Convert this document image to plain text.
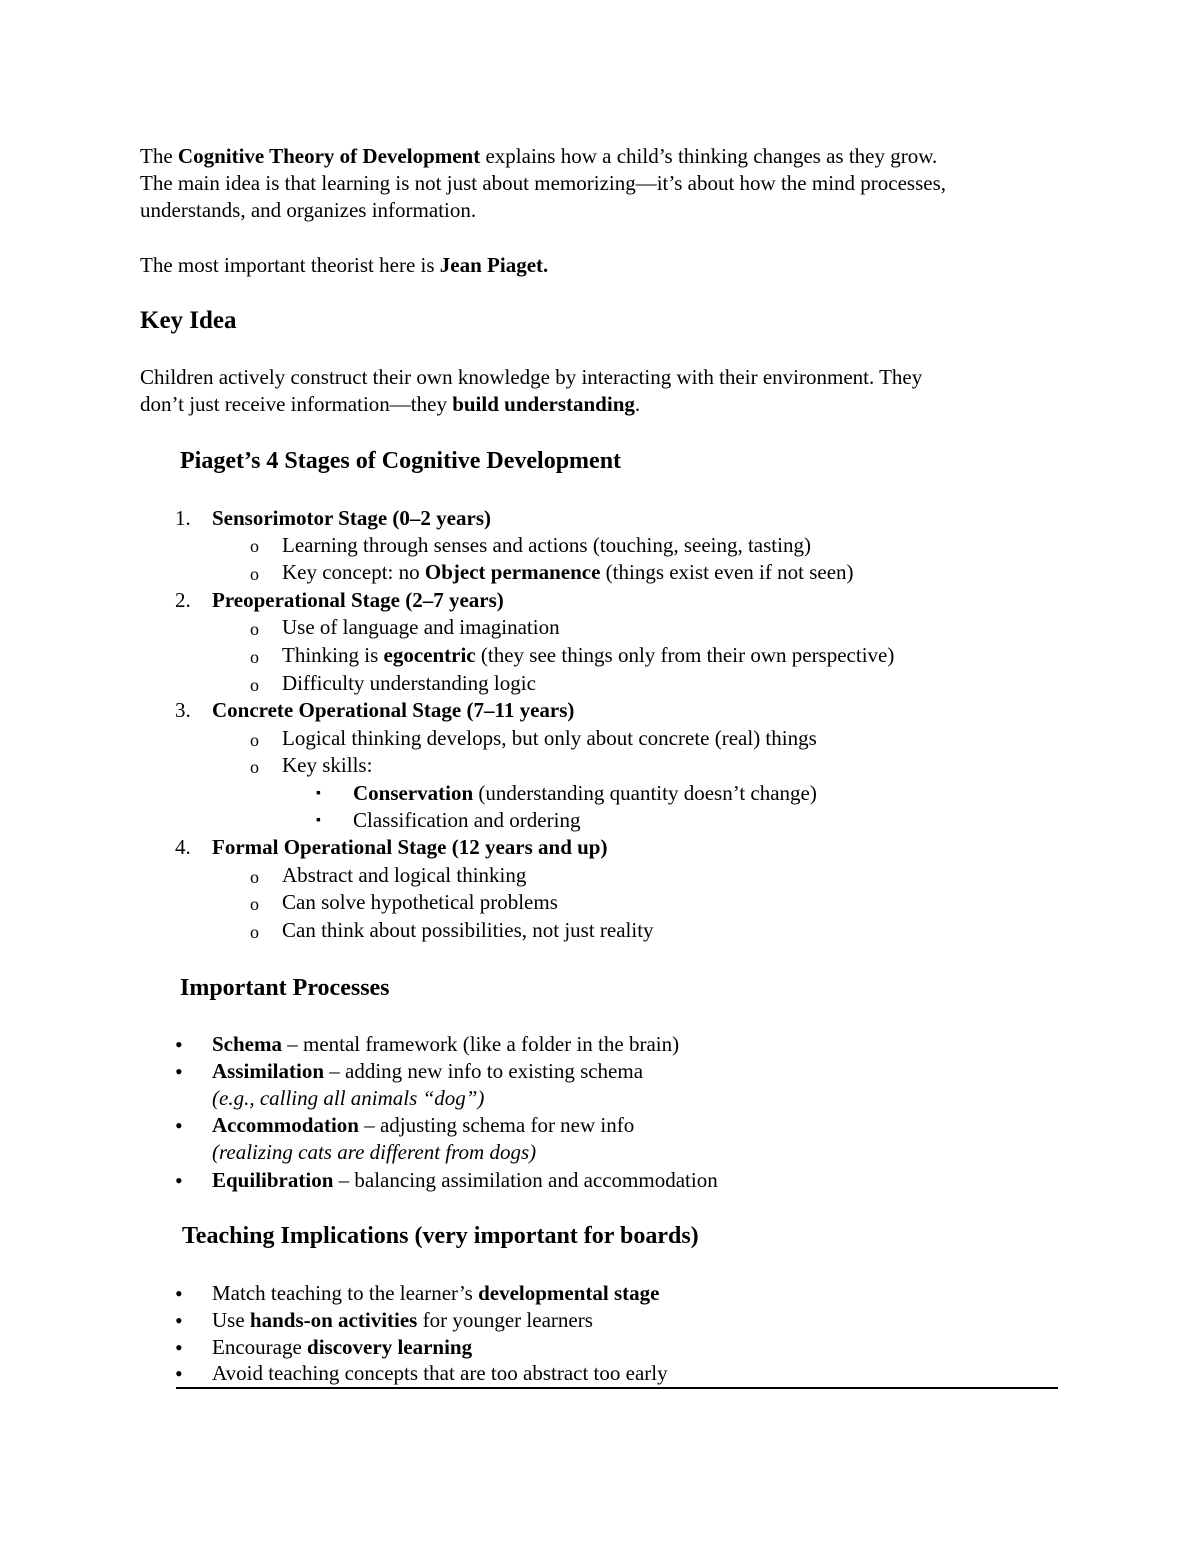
The Cognitive Theory of Development explains how a child’s thinking changes as they grow.

The main idea is that learning is not just about memorizing—it’s about how the mind processes,

understands, and organizes information.

The most important theorist here is Jean Piaget.

Key Idea

Children actively construct their own knowledge by interacting with their environment. They

don’t just receive information—they build understanding.

Piaget’s 4 Stages of Cognitive Development
1. Sensorimotor Stage (0–2 years)
o Learning through senses and actions (touching, seeing, tasting)
o Key concept: no Object permanence (things exist even if not seen)
2. Preoperational Stage (2–7 years)
o Use of language and imagination
o Thinking is egocentric (they see things only from their own perspective)
o Difficulty understanding logic
3. Concrete Operational Stage (7–11 years)
o Logical thinking develops, but only about concrete (real) things
o Key skills:
▪ Conservation (understanding quantity doesn’t change)
▪ Classification and ordering
4. Formal Operational Stage (12 years and up)
o Abstract and logical thinking
o Can solve hypothetical problems
o Can think about possibilities, not just reality
Important Processes
• Schema – mental framework (like a folder in the brain)
• Assimilation – adding new info to existing schema
(e.g., calling all animals “dog”)
• Accommodation – adjusting schema for new info
(realizing cats are different from dogs)
• Equilibration – balancing assimilation and accommodation
Teaching Implications (very important for boards)
• Match teaching to the learner’s developmental stage
• Use hands-on activities for younger learners
• Encourage discovery learning
• Avoid teaching concepts that are too abstract too early
